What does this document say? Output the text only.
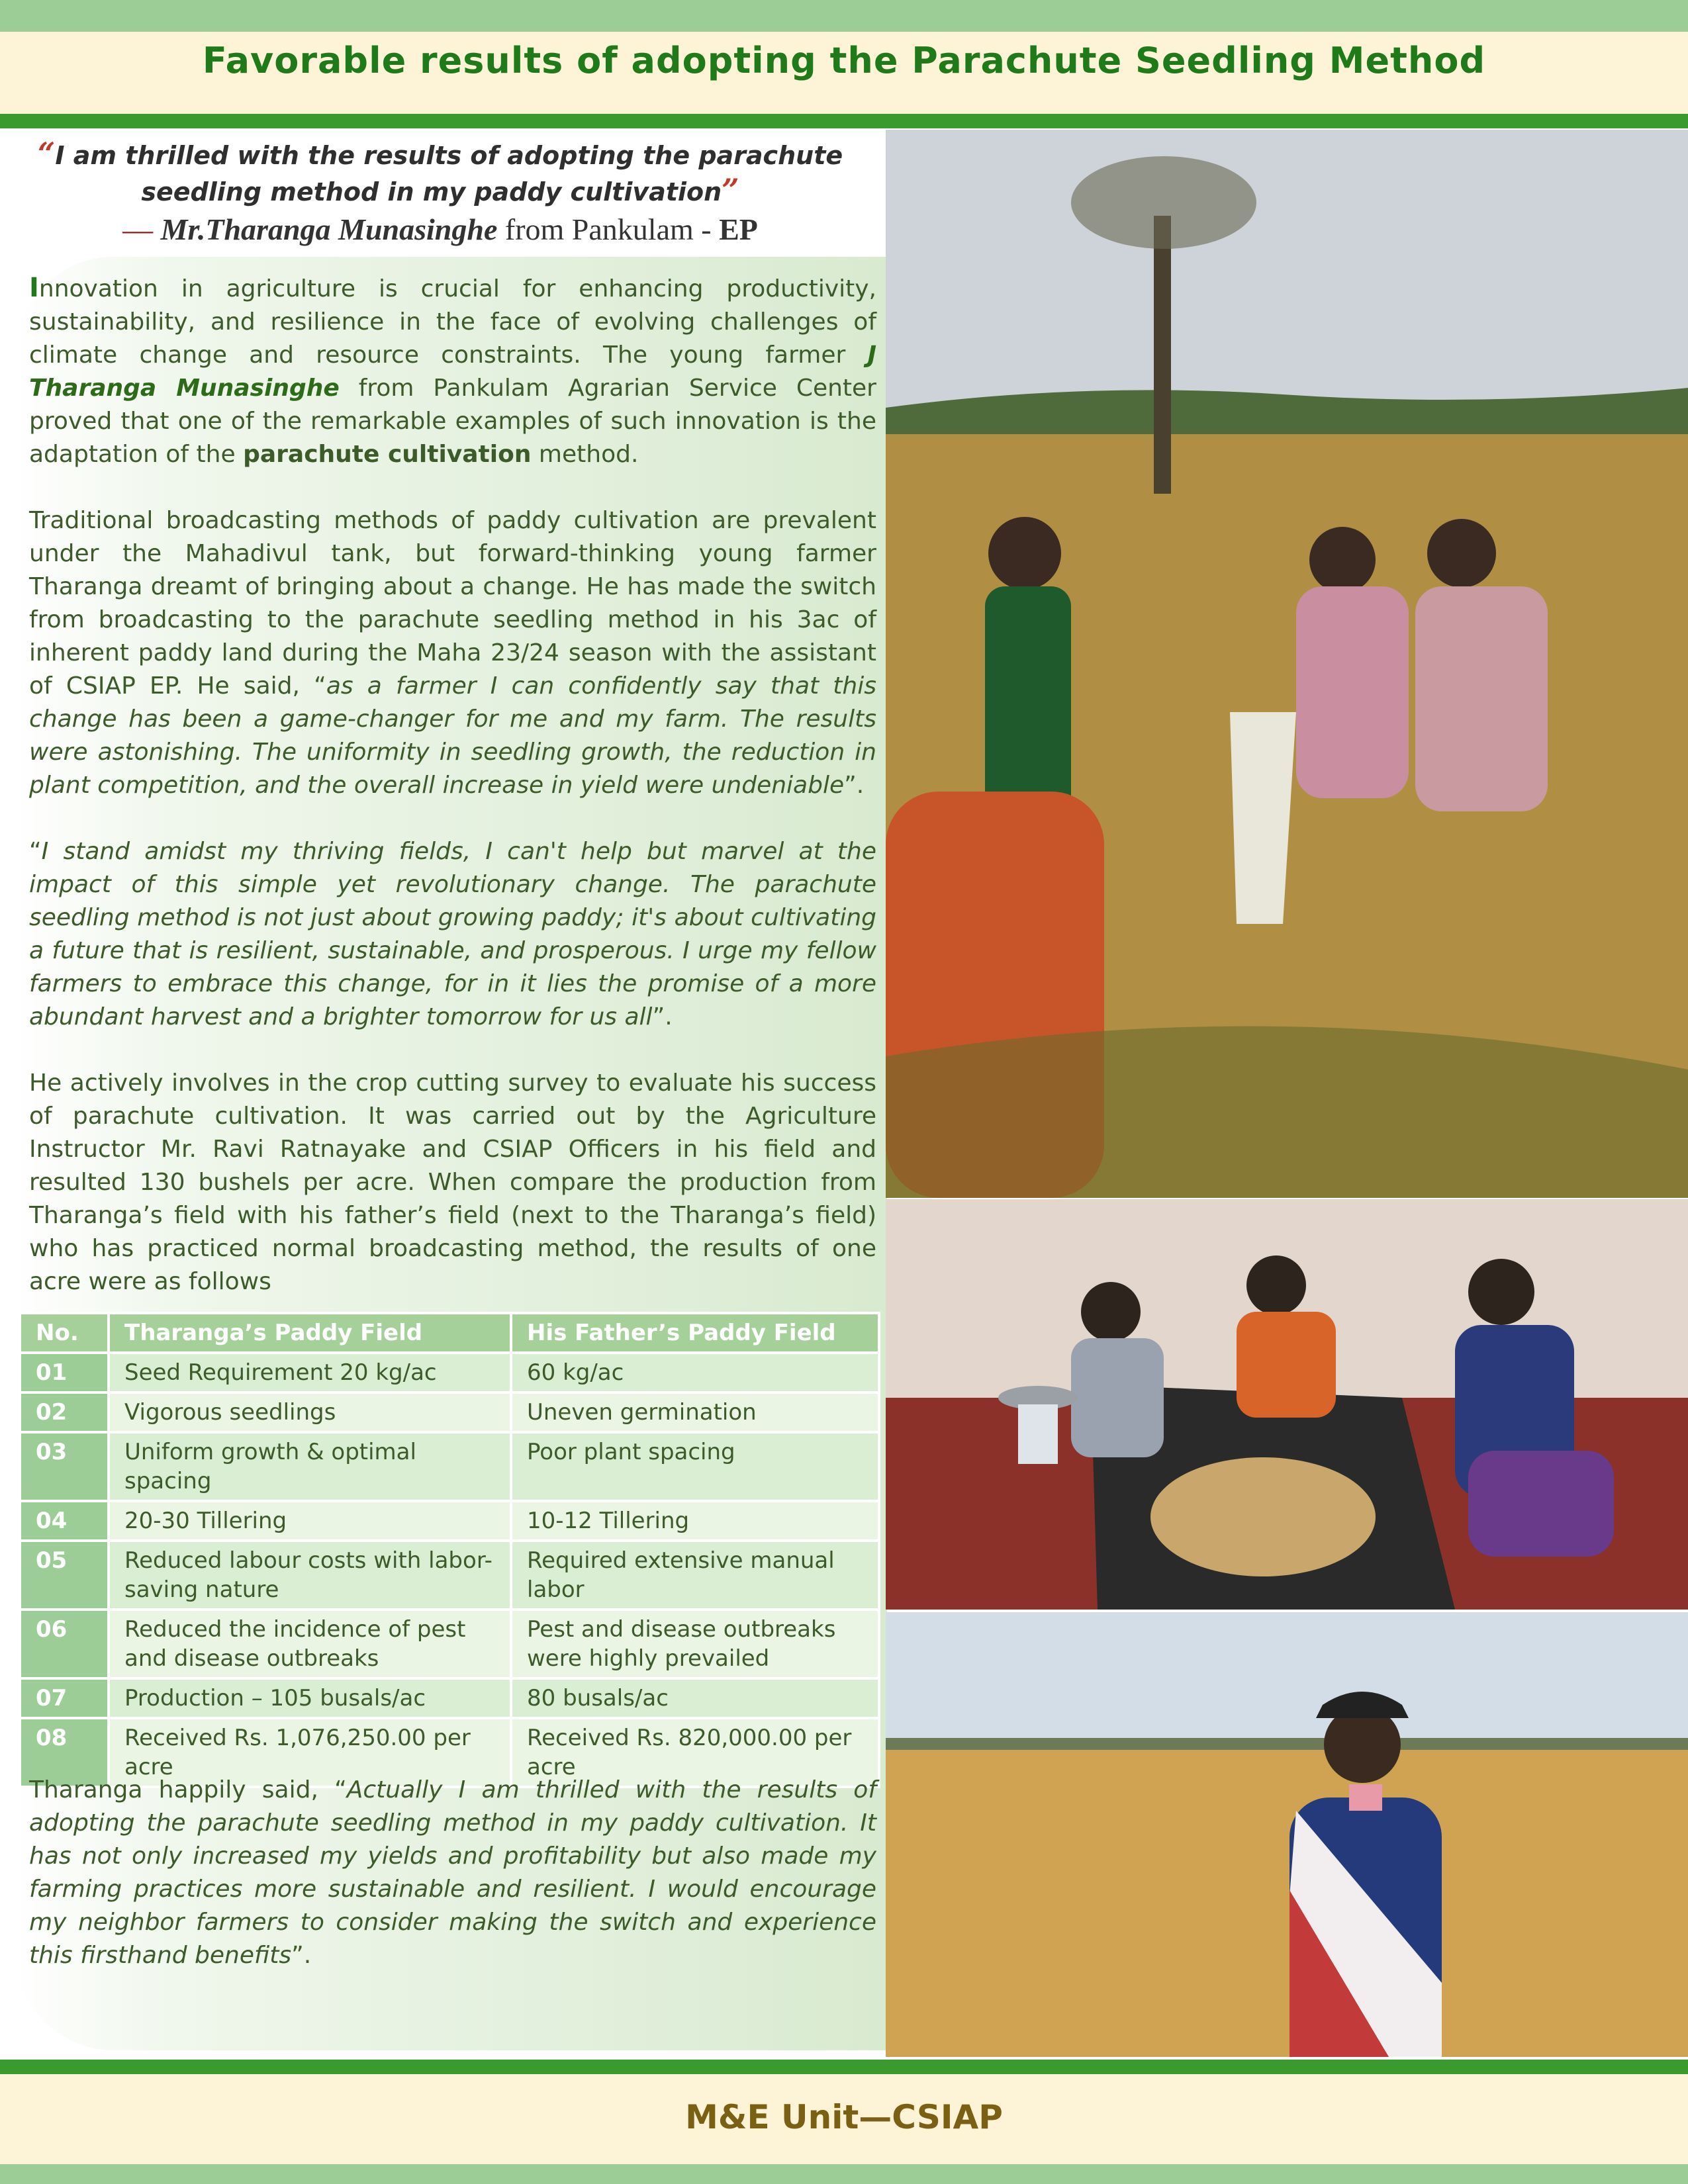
Favorable results of adopting the Parachute Seedling Method
“I am thrilled with the results of adopting the parachute seedling method in my paddy cultivation”
— Mr.Tharanga Munasinghe from Pankulam - EP

Innovation in agriculture is crucial for enhancing productivity, sustainability, and resilience in the face of evolving challenges of climate change and resource constraints. The young farmer J Tharanga Munasinghe from Pankulam Agrarian Service Center proved that one of the remarkable examples of such innovation is the adaptation of the parachute cultivation method.

Traditional broadcasting methods of paddy cultivation are prevalent under the Mahadivul tank, but forward-thinking young farmer Tharanga dreamt of bringing about a change. He has made the switch from broadcasting to the parachute seedling method in his 3ac of inherent paddy land during the Maha 23/24 season with the assistant of CSIAP EP. He said, “as a farmer I can confidently say that this change has been a game-changer for me and my farm. The results were astonishing. The uniformity in seedling growth, the reduction in plant competition, and the overall increase in yield were undeniable”.

“I stand amidst my thriving fields, I can't help but marvel at the impact of this simple yet revolutionary change. The parachute seedling method is not just about growing paddy; it's about cultivating a future that is resilient, sustainable, and prosperous. I urge my fellow farmers to embrace this change, for in it lies the promise of a more abundant harvest and a brighter tomorrow for us all”.

He actively involves in the crop cutting survey to evaluate his success of parachute cultivation. It was carried out by the Agriculture Instructor Mr. Ravi Ratnayake and CSIAP Officers in his field and resulted 130 bushels per acre. When compare the production from Tharanga’s field with his father’s field (next to the Tharanga’s field) who has practiced normal broadcasting method, the results of one acre were as follows

No.	Tharanga’s Paddy Field	His Father’s Paddy Field
01	Seed Requirement 20 kg/ac	60 kg/ac
02	Vigorous seedlings	Uneven germination
03	Uniform growth & optimal spacing	Poor plant spacing
04	20-30 Tillering	10-12 Tillering
05	Reduced labour costs with labor-saving nature	Required extensive manual labor
06	Reduced the incidence of pest and disease outbreaks	Pest and disease outbreaks were highly prevailed
07	Production – 105 busals/ac	80 busals/ac
08	Received Rs. 1,076,250.00 per acre	Received Rs. 820,000.00 per acre
Tharanga happily said, “Actually I am thrilled with the results of adopting the parachute seedling method in my paddy cultivation. It has not only increased my yields and profitability but also made my farming practices more sustainable and resilient. I would encourage my neighbor farmers to consider making the switch and experience this firsthand benefits”.
M&E Unit—CSIAP
